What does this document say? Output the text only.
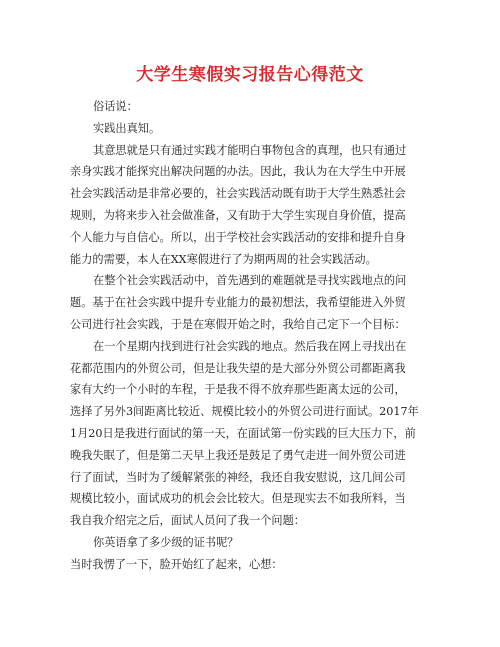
大学生寒假实习报告心得范文
俗话说：
实践出真知。
其意思就是只有通过实践才能明白事物包含的真理，也只有通过
亲身实践才能探究出解决问题的办法。因此，我认为在大学生中开展
社会实践活动是非常必要的，社会实践活动既有助于大学生熟悉社会
规则，为将来步入社会做准备，又有助于大学生实现自身价值，提高
个人能力与自信心。所以，出于学校社会实践活动的安排和提升自身
能力的需要，本人在XX寒假进行了为期两周的社会实践活动。
在整个社会实践活动中，首先遇到的难题就是寻找实践地点的问
题。基于在社会实践中提升专业能力的最初想法，我希望能进入外贸
公司进行社会实践，于是在寒假开始之时，我给自己定下一个目标：
在一个星期内找到进行社会实践的地点。然后我在网上寻找出在
花都范围内的外贸公司，但是让我失望的是大部分外贸公司都距离我
家有大约一个小时的车程，于是我不得不放弃那些距离太远的公司，
选择了另外3间距离比较近、规模比较小的外贸公司进行面试。2017年
1月20日是我进行面试的第一天，在面试第一份实践的巨大压力下，前
晚我失眠了，但是第二天早上我还是鼓足了勇气走进一间外贸公司进
行了面试，当时为了缓解紧张的神经，我还自我安慰说，这几间公司
规模比较小，面试成功的机会会比较大。但是现实去不如我所料，当
我自我介绍完之后，面试人员问了我一个问题：
你英语拿了多少级的证书呢？
当时我愣了一下，脸开始红了起来，心想：
